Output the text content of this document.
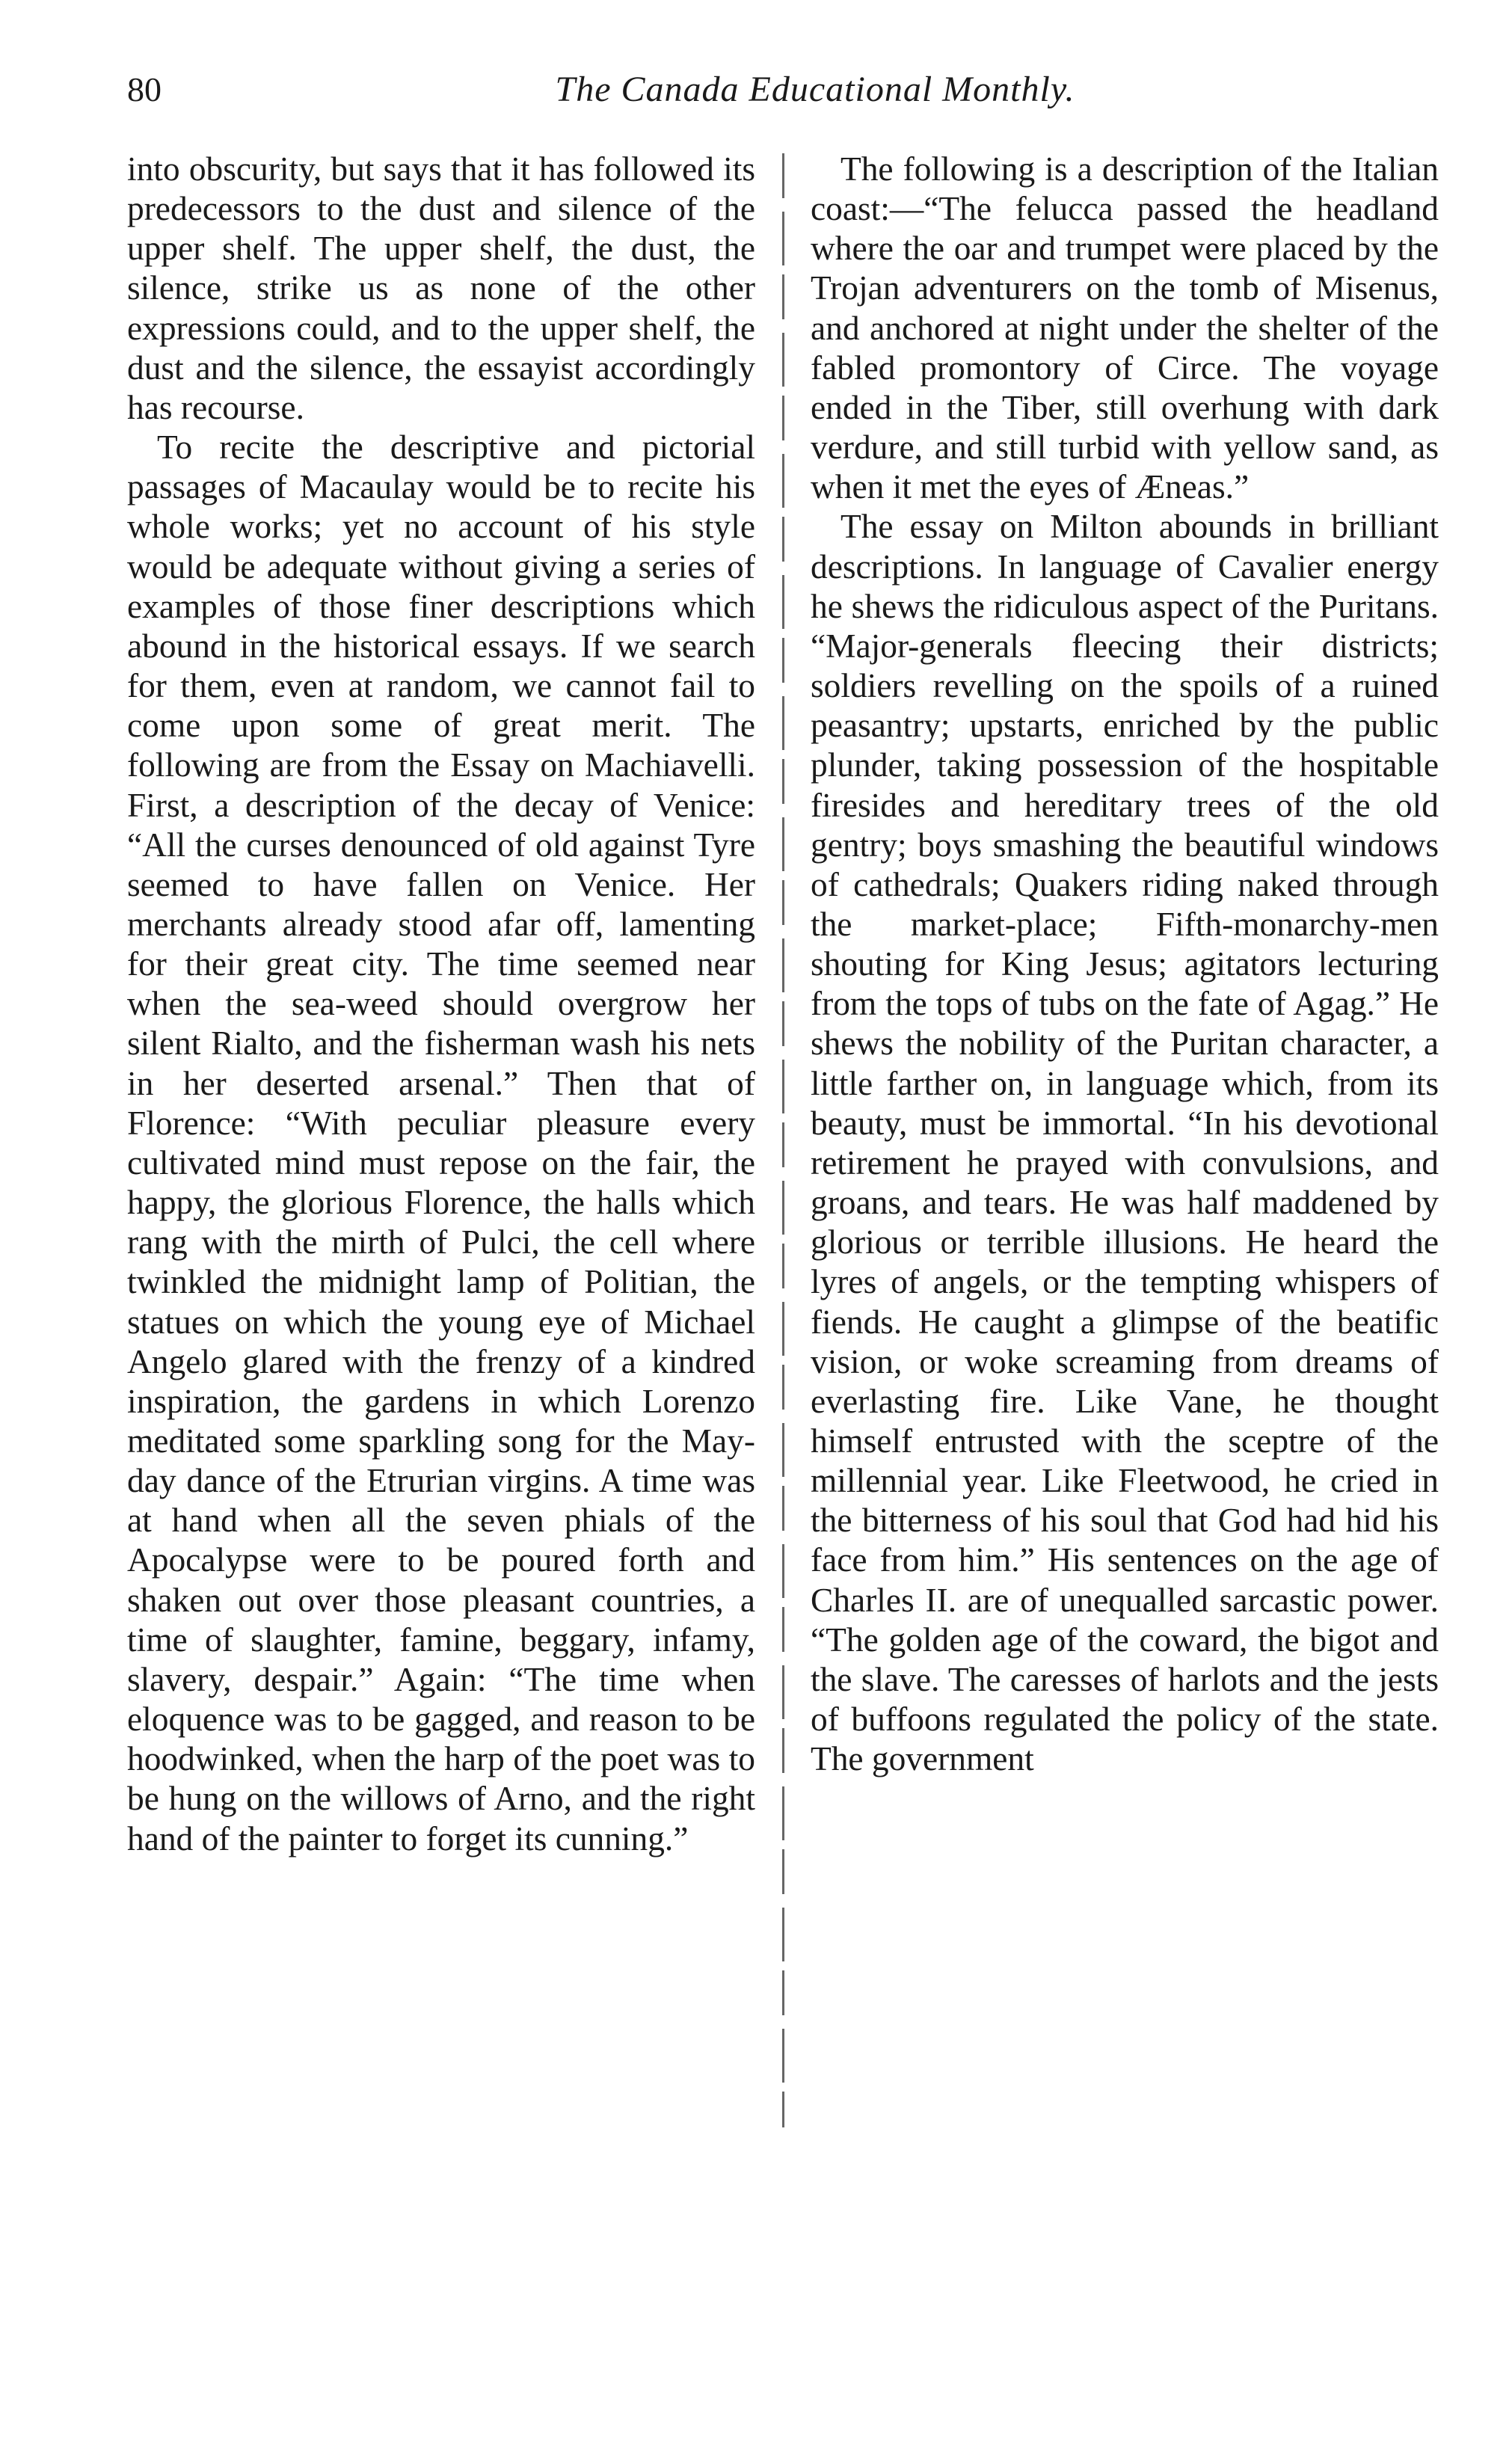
80	The Canada Educational Monthly.

into obscurity, but says that it has followed its predecessors to the dust and silence of the upper shelf. The upper shelf, the dust, the silence, strike us as none of the other expressions could, and to the upper shelf, the dust and the silence, the essayist accordingly has recourse.

To recite the descriptive and pictorial passages of Macaulay would be to recite his whole works; yet no account of his style would be adequate without giving a series of examples of those finer descriptions which abound in the historical essays. If we search for them, even at random, we cannot fail to come upon some of great merit. The following are from the Essay on Machiavelli. First, a description of the decay of Venice: “All the curses denounced of old against Tyre seemed to have fallen on Venice. Her merchants already stood afar off, lamenting for their great city. The time seemed near when the sea-weed should overgrow her silent Rialto, and the fisherman wash his nets in her deserted arsenal.” Then that of Florence: “With peculiar pleasure every cultivated mind must repose on the fair, the happy, the glorious Florence, the halls which rang with the mirth of Pulci, the cell where twinkled the midnight lamp of Politian, the statues on which the young eye of Michael Angelo glared with the frenzy of a kindred inspiration, the gardens in which Lorenzo meditated some sparkling song for the May-day dance of the Etrurian virgins. A time was at hand when all the seven phials of the Apocalypse were to be poured forth and shaken out over those pleasant countries, a time of slaughter, famine, beggary, infamy, slavery, despair.” Again: “The time when eloquence was to be gagged, and reason to be hoodwinked, when the harp of the poet was to be hung on the willows of Arno, and the right hand of the painter to forget its cunning.”

The following is a description of the Italian coast:—“The felucca passed the headland where the oar and trumpet were placed by the Trojan adventurers on the tomb of Misenus, and anchored at night under the shelter of the fabled promontory of Circe. The voyage ended in the Tiber, still overhung with dark verdure, and still turbid with yellow sand, as when it met the eyes of Æneas.”

The essay on Milton abounds in brilliant descriptions. In language of Cavalier energy he shews the ridiculous aspect of the Puritans. “Major-generals fleecing their districts; soldiers revelling on the spoils of a ruined peasantry; upstarts, enriched by the public plunder, taking possession of the hospitable firesides and hereditary trees of the old gentry; boys smashing the beautiful windows of cathedrals; Quakers riding naked through the market-place; Fifth-monarchy-men shouting for King Jesus; agitators lecturing from the tops of tubs on the fate of Agag.” He shews the nobility of the Puritan character, a little farther on, in language which, from its beauty, must be immortal. “In his devotional retirement he prayed with convulsions, and groans, and tears. He was half maddened by glorious or terrible illusions. He heard the lyres of angels, or the tempting whispers of fiends. He caught a glimpse of the beatific vision, or woke screaming from dreams of everlasting fire. Like Vane, he thought himself entrusted with the sceptre of the millennial year. Like Fleetwood, he cried in the bitterness of his soul that God had hid his face from him.” His sentences on the age of Charles II. are of unequalled sarcastic power. “The golden age of the coward, the bigot and the slave. The caresses of harlots and the jests of buffoons regulated the policy of the state. The government
